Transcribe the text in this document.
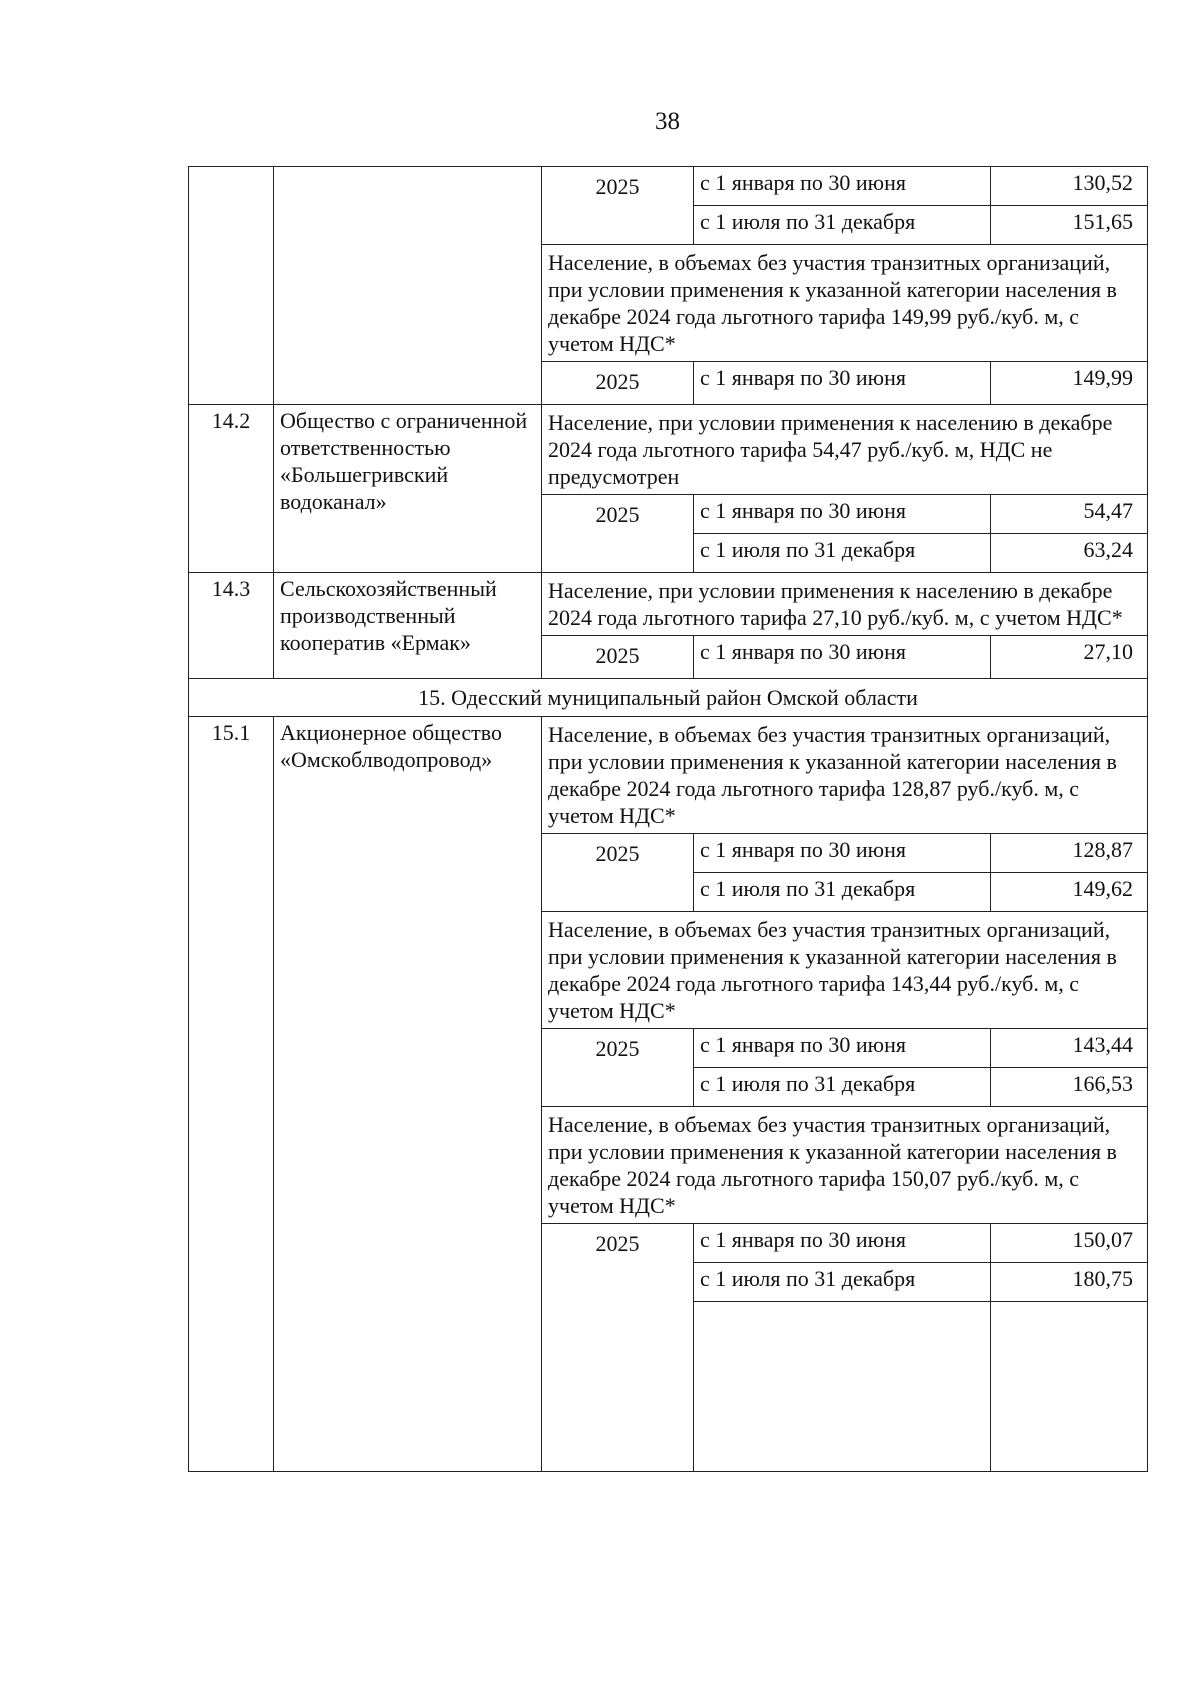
38
		2025	с 1 января по 30 июня	130,52
			с 1 июля по 31 декабря	151,65
		Население, в объемах без участия транзитных организаций, при условии применения к указанной категории населения в декабре 2024 года льготного тарифа 149,99 руб./куб. м, с учетом НДС*		
		2025	с 1 января по 30 июня	149,99
14.2	Общество с ограниченной ответственностью «Большегривский водоканал»	Население, при условии применения к населению в декабре 2024 года льготного тарифа 54,47 руб./куб. м, НДС не предусмотрен		
		2025	с 1 января по 30 июня	54,47
			с 1 июля по 31 декабря	63,24
14.3	Сельскохозяйственный производственный кооператив «Ермак»	Население, при условии применения к населению в декабре 2024 года льготного тарифа 27,10 руб./куб. м, с учетом НДС*		
		2025	с 1 января по 30 июня	27,10
15. Одесский муниципальный район Омской области				
15.1	Акционерное общество «Омскоблводопровод»	Население, в объемах без участия транзитных организаций, при условии применения к указанной категории населения в декабре 2024 года льготного тарифа 128,87 руб./куб. м, с учетом НДС*		
		2025	с 1 января по 30 июня	128,87
			с 1 июля по 31 декабря	149,62
		Население, в объемах без участия транзитных организаций, при условии применения к указанной категории населения в декабре 2024 года льготного тарифа 143,44 руб./куб. м, с учетом НДС*		
		2025	с 1 января по 30 июня	143,44
			с 1 июля по 31 декабря	166,53
		Население, в объемах без участия транзитных организаций, при условии применения к указанной категории населения в декабре 2024 года льготного тарифа 150,07 руб./куб. м, с учетом НДС*		
		2025	с 1 января по 30 июня	150,07
			с 1 июля по 31 декабря	180,75
